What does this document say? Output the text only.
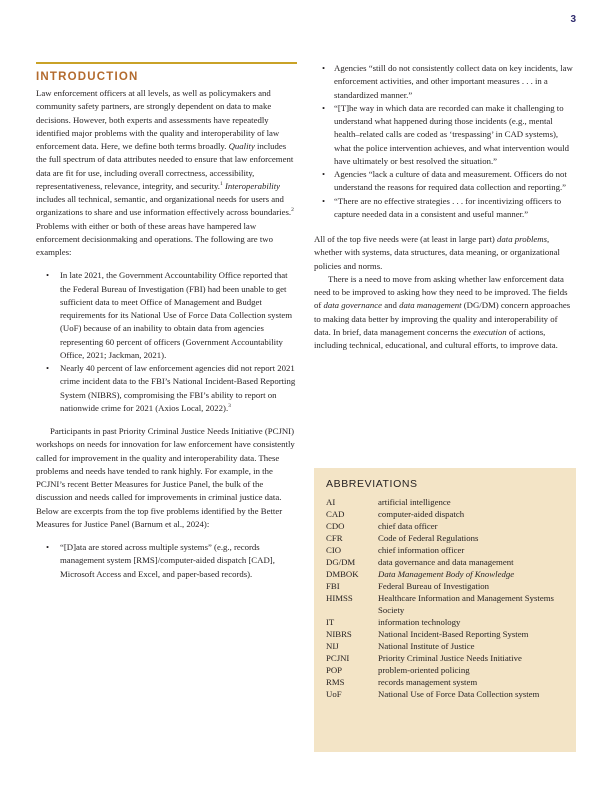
3
INTRODUCTION

Law enforcement officers at all levels, as well as policymakers and community safety partners, are strongly dependent on data to make decisions. However, both experts and assessments have repeatedly identified major problems with the quality and interoperability of law enforcement data. Here, we define both terms broadly. Quality includes the full spectrum of data attributes needed to ensure that law enforcement data are fit for use, including overall correctness, accessibility, representativeness, relevance, integrity, and security.$^1$ Interoperability includes all technical, semantic, and organizational needs for users and organizations to share and use information effectively across boundaries.$^2$ Problems with either or both of these areas have hampered law enforcement decisionmaking and operations. The following are two examples:

• In late 2021, the Government Accountability Office reported that the Federal Bureau of Investigation (FBI) had been unable to get sufficient data to meet Office of Management and Budget requirements for its National Use of Force Data Collection system (UoF) because of an inability to obtain data from agencies representing 60 percent of officers (Government Accountability Office, 2021; Jackman, 2021).
• Nearly 40 percent of law enforcement agencies did not report 2021 crime incident data to the FBI’s National Incident-Based Reporting System (NIBRS), compromising the FBI’s ability to report on nationwide crime for 2021 (Axios Local, 2022).$^3$

Participants in past Priority Criminal Justice Needs Initiative (PCJNI) workshops on needs for innovation for law enforcement have consistently called for improvement in the quality and interoperability data. These problems and needs have tended to rank highly. For example, in the PCJNI’s recent Better Measures for Justice Panel, the bulk of the discussion and needs called for improvements in criminal justice data. Below are excerpts from the top five problems identified by the Better Measures for Justice Panel (Barnum et al., 2024):

• “[D]ata are stored across multiple systems” (e.g., records management system [RMS]/computer-aided dispatch [CAD], Microsoft Access and Excel, and paper-based records).
• Agencies “still do not consistently collect data on key incidents, law enforcement activities, and other important measures . . . in a standardized manner.”
• “[T]he way in which data are recorded can make it challenging to understand what happened during those incidents (e.g., mental health–related calls are coded as ‘trespassing’ in CAD systems), what the police intervention achieves, and what intervention would have ultimately or best resolved the situation.”
• Agencies “lack a culture of data and measurement. Officers do not understand the reasons for required data collection and reporting.”
• “There are no effective strategies . . . for incentivizing officers to capture needed data in a consistent and useful manner.”

All of the top five needs were (at least in large part) data problems, whether with systems, data structures, data meaning, or organizational policies and norms.

There is a need to move from asking whether law enforcement data need to be improved to asking how they need to be improved. The fields of data governance and data management (DG/DM) concern approaches to making data better by improving the quality and interoperability of data. In brief, data management concerns the execution of actions, including technical, educational, and cultural efforts, to improve data.

ABBREVIATIONS
AI	artificial intelligence
CAD	computer-aided dispatch
CDO	chief data officer
CFR	Code of Federal Regulations
CIO	chief information officer
DG/DM	data governance and data management
DMBOK	Data Management Body of Knowledge
FBI	Federal Bureau of Investigation
HIMSS	Healthcare Information and Management Systems Society
IT	information technology
NIBRS	National Incident-Based Reporting System
NIJ	National Institute of Justice
PCJNI	Priority Criminal Justice Needs Initiative
POP	problem-oriented policing
RMS	records management system
UoF	National Use of Force Data Collection system
